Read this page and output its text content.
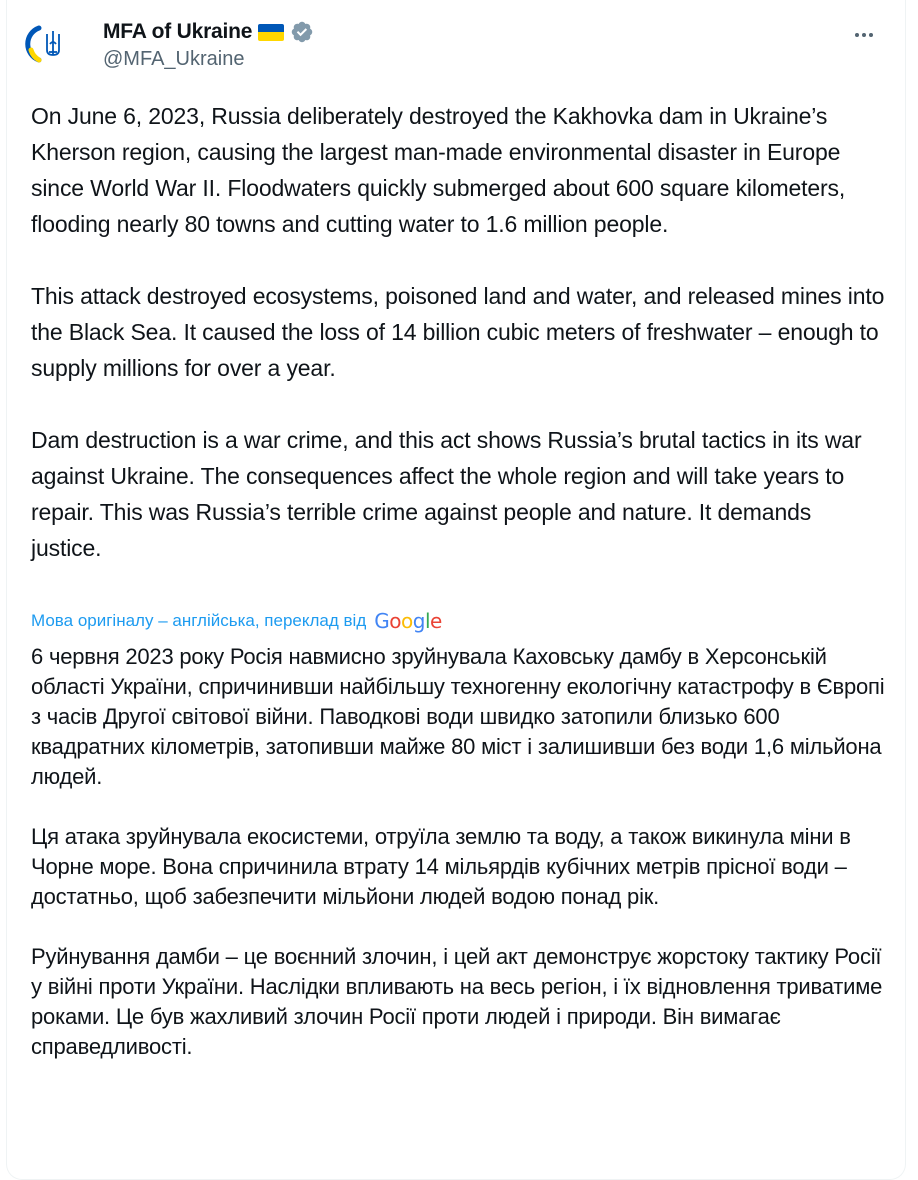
MFA of Ukraine
@MFA_Ukraine

On June 6, 2023, Russia deliberately destroyed the Kakhovka dam in Ukraine’s Kherson region, causing the largest man-made environmental disaster in Europe since World War II. Floodwaters quickly submerged about 600 square kilometers, flooding nearly 80 towns and cutting water to 1.6 million people.

This attack destroyed ecosystems, poisoned land and water, and released mines into the Black Sea. It caused the loss of 14 billion cubic meters of freshwater – enough to supply millions for over a year.

Dam destruction is a war crime, and this act shows Russia’s brutal tactics in its war against Ukraine. The consequences affect the whole region and will take years to repair. This was Russia’s terrible crime against people and nature. It demands justice.

Мова оригіналу – англійська, переклад від Google

6 червня 2023 року Росія навмисно зруйнувала Каховську дамбу в Херсонській області України, спричинивши найбільшу техногенну екологічну катастрофу в Європі з часів Другої світової війни. Паводкові води швидко затопили близько 600 квадратних кілометрів, затопивши майже 80 міст і залишивши без води 1,6 мільйона людей.

Ця атака зруйнувала екосистеми, отруїла землю та воду, а також викинула міни в Чорне море. Вона спричинила втрату 14 мільярдів кубічних метрів прісної води – достатньо, щоб забезпечити мільйони людей водою понад рік.

Руйнування дамби – це воєнний злочин, і цей акт демонструє жорстоку тактику Росії у війні проти України. Наслідки впливають на весь регіон, і їх відновлення триватиме роками. Це був жахливий злочин Росії проти людей і природи. Він вимагає справедливості.
